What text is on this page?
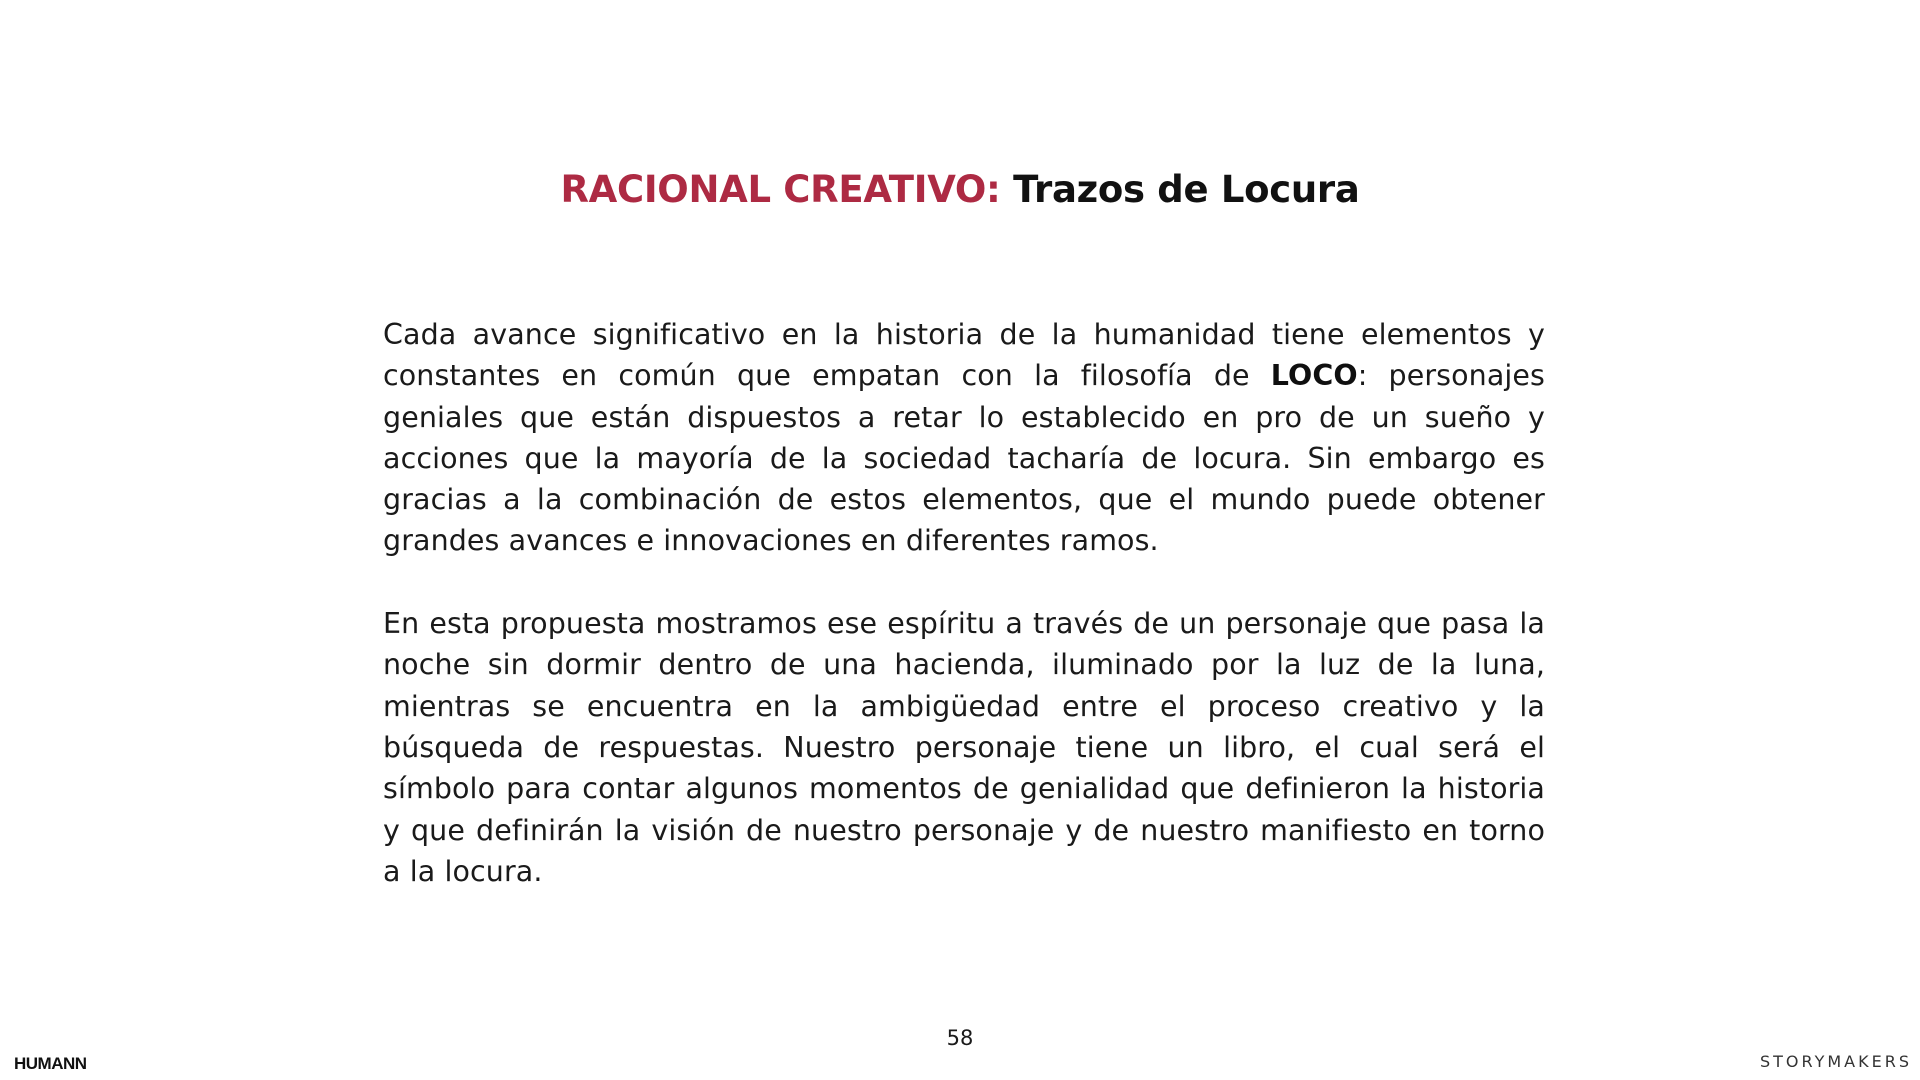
RACIONAL CREATIVO: Trazos de Locura

Cada avance significativo en la historia de la humanidad tiene elementos y constantes en común que empatan con la filosofía de LOCO: personajes geniales que están dispuestos a retar lo establecido en pro de un sueño y acciones que la mayoría de la sociedad tacharía de locura. Sin embargo es gracias a la combinación de estos elementos, que el mundo puede obtener grandes avances e innovaciones en diferentes ramos.

En esta propuesta mostramos ese espíritu a través de un personaje que pasa la noche sin dormir dentro de una hacienda, iluminado por la luz de la luna, mientras se encuentra en la ambigüedad entre el proceso creativo y la búsqueda de respuestas. Nuestro personaje tiene un libro, el cual será el símbolo para contar algunos momentos de genialidad que definieron la historia y que definirán la visión de nuestro personaje y de nuestro manifiesto en torno a la locura.

58
HUMANN	STORYMAKERS
